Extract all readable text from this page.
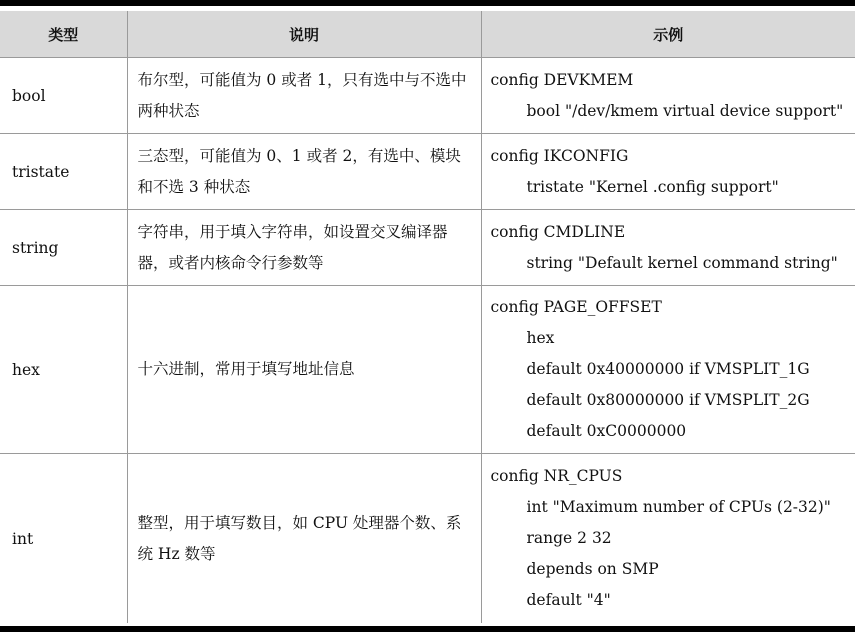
类型	说明	示例
bool	布尔型，可能值为 0 或者 1，只有选中与不选中两种状态	config DEVKMEM
bool "/dev/kmem virtual device support"

tristate	三态型，可能值为 0、1 或者 2，有选中、模块和不选 3 种状态	config IKCONFIG
tristate "Kernel .config support"

string	字符串，用于填入字符串，如设置交叉编译器器，或者内核命令行参数等	config CMDLINE
string "Default kernel command string"

hex	十六进制，常用于填写地址信息	config PAGE_OFFSET
hex
default 0x40000000 if VMSPLIT_1G
default 0x80000000 if VMSPLIT_2G
default 0xC0000000

int	整型，用于填写数目，如 CPU 处理器个数、系统 Hz 数等	config NR_CPUS
int "Maximum number of CPUs (2-32)"
range 2 32
depends on SMP
default "4"
